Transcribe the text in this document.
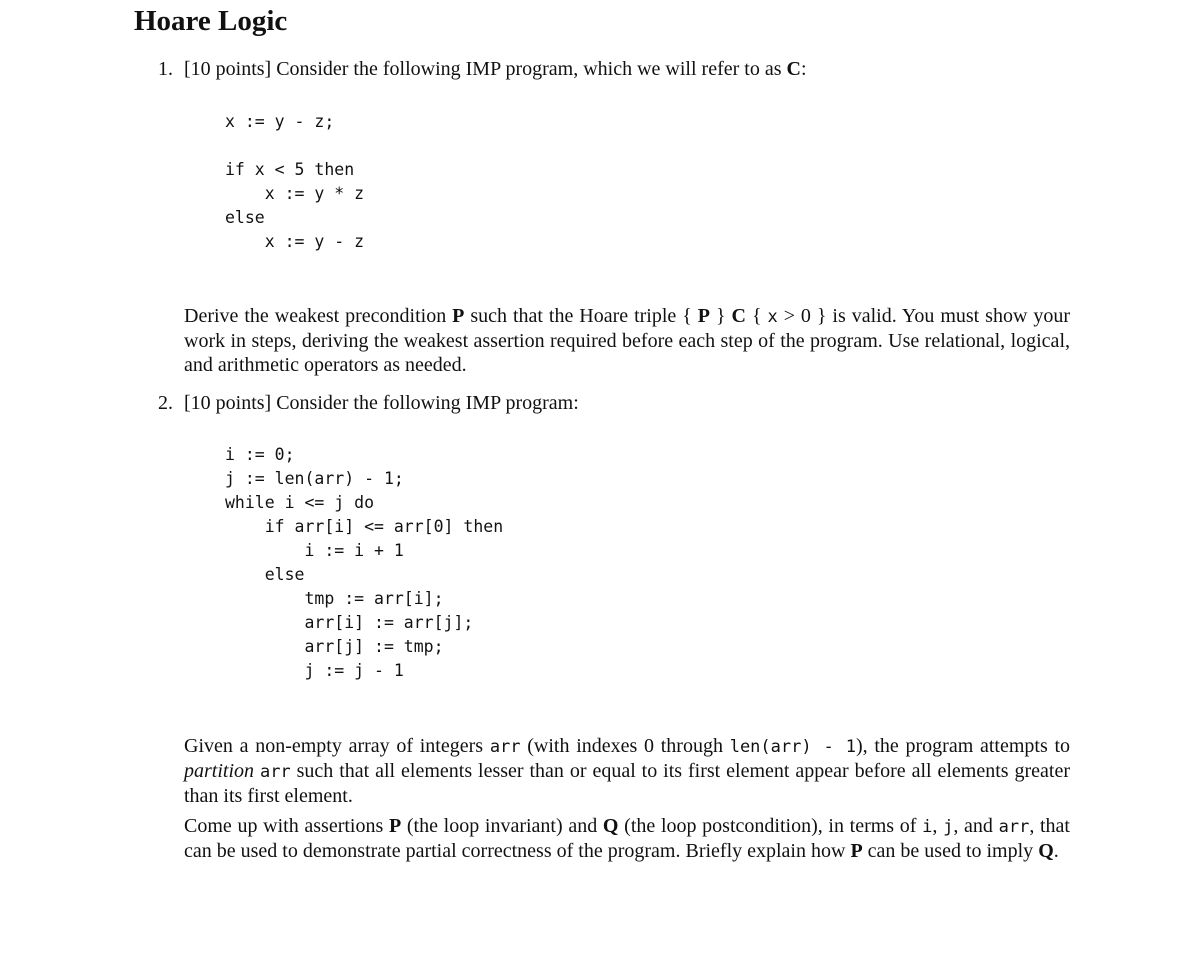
Hoare Logic
1. [10 points] Consider the following IMP program, which we will refer to as C:
x := y - z;

if x < 5 then
x := y * z
else
x := y - z

Derive the weakest precondition P such that the Hoare triple { P } C { x > 0 } is valid. You must show your work in steps, deriving the weakest assertion required before each step of the program. Use relational, logical, and arithmetic operators as needed.

2. [10 points] Consider the following IMP program:
i := 0;
j := len(arr) - 1;
while i <= j do
if arr[i] <= arr[0] then
i := i + 1
else
tmp := arr[i];
arr[i] := arr[j];
arr[j] := tmp;
j := j - 1

Given a non-empty array of integers arr (with indexes 0 through len(arr) - 1), the program attempts to partition arr such that all elements lesser than or equal to its first element appear before all elements greater than its first element.

Come up with assertions P (the loop invariant) and Q (the loop postcondition), in terms of i, j, and arr, that can be used to demonstrate partial correctness of the program. Briefly explain how P can be used to imply Q.
